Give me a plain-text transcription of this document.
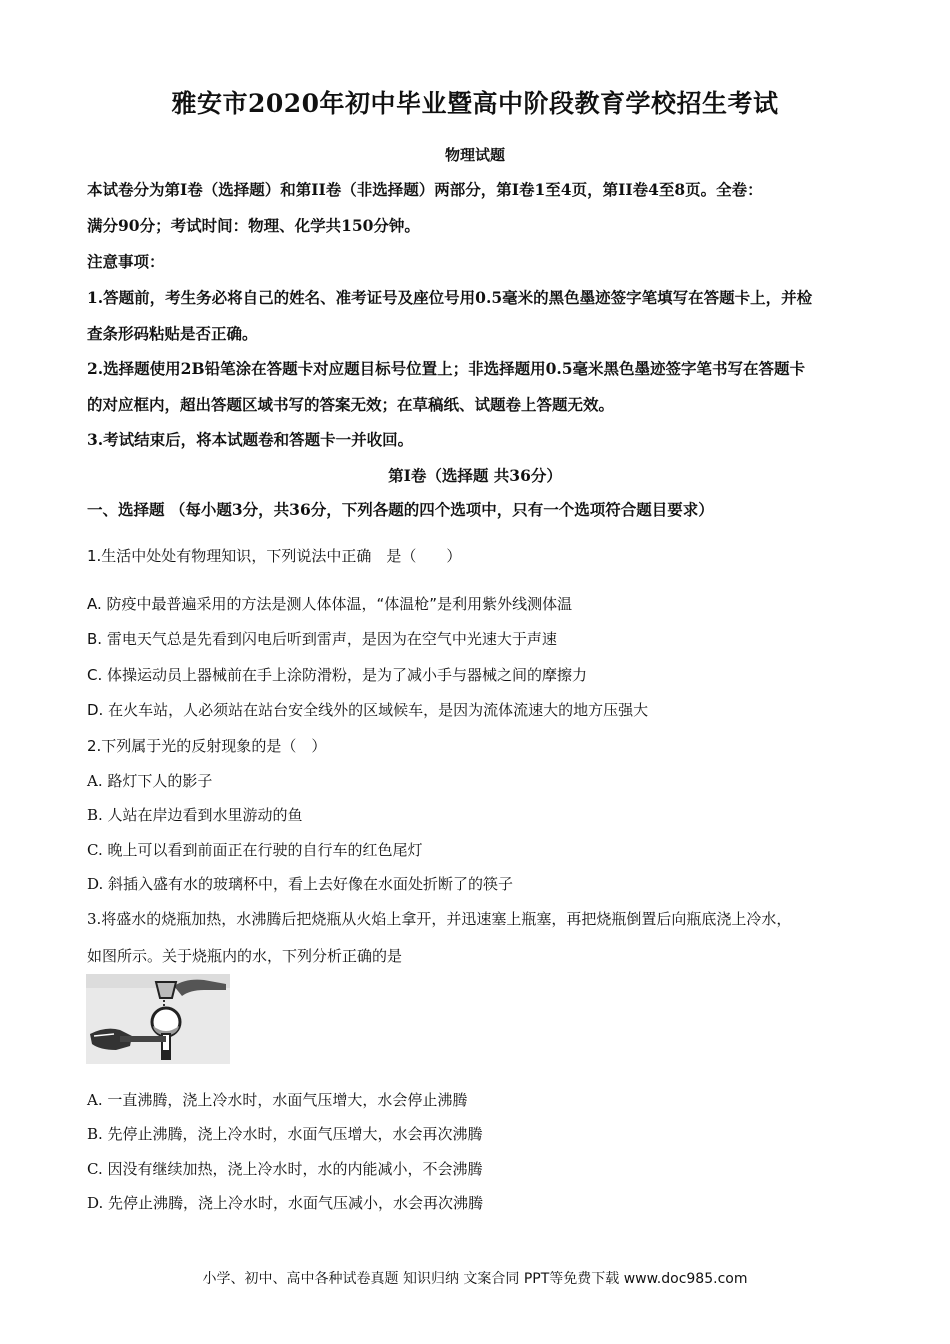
雅安市2020年初中毕业暨高中阶段教育学校招生考试
物理试题
本试卷分为第I卷（选择题）和第II卷（非选择题）两部分，第I卷1至4页，第II卷4至8页。全卷：
满分90分；考试时间：物理、化学共150分钟。
注意事项：
1.答题前，考生务必将自己的姓名、准考证号及座位号用0.5毫米的黑色墨迹签字笔填写在答题卡上，并检
查条形码粘贴是否正确。
2.选择题使用2B铅笔涂在答题卡对应题目标号位置上；非选择题用0.5毫米黑色墨迹签字笔书写在答题卡
的对应框内，超出答题区域书写的答案无效；在草稿纸、试题卷上答题无效。
3.考试结束后，将本试题卷和答题卡一并收回。
第I卷（选择题 共36分）
一、选择题 （每小题3分，共36分，下列各题的四个选项中，只有一个选项符合题目要求）
1.生活中处处有物理知识，下列说法中正确　是（　　）
A. 防疫中最普遍采用的方法是测人体体温，“体温枪”是利用紫外线测体温
B. 雷电天气总是先看到闪电后听到雷声，是因为在空气中光速大于声速
C. 体操运动员上器械前在手上涂防滑粉，是为了减小手与器械之间的摩擦力
D. 在火车站，人必须站在站台安全线外的区域候车，是因为流体流速大的地方压强大
2.下列属于光的反射现象的是（　）
A. 路灯下人的影子
B. 人站在岸边看到水里游动的鱼
C. 晚上可以看到前面正在行驶的自行车的红色尾灯
D. 斜插入盛有水的玻璃杯中，看上去好像在水面处折断了的筷子
3.将盛水的烧瓶加热，水沸腾后把烧瓶从火焰上拿开，并迅速塞上瓶塞，再把烧瓶倒置后向瓶底浇上冷水，
如图所示。关于烧瓶内的水，下列分析正确的是
A. 一直沸腾，浇上冷水时，水面气压增大，水会停止沸腾
B. 先停止沸腾，浇上冷水时，水面气压增大，水会再次沸腾
C. 因没有继续加热，浇上冷水时，水的内能减小，不会沸腾
D. 先停止沸腾，浇上冷水时，水面气压减小，水会再次沸腾
小学、初中、高中各种试卷真题 知识归纳 文案合同 PPT等免费下载 www.doc985.com
